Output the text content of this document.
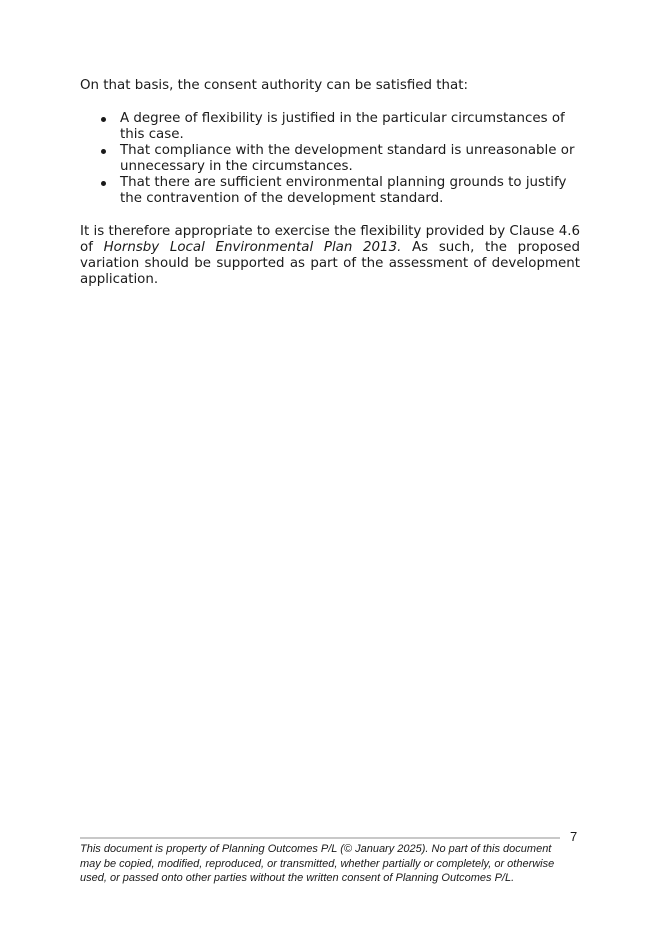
On that basis, the consent authority can be satisfied that:

A degree of flexibility is justified in the particular circumstances of this case.
That compliance with the development standard is unreasonable or unnecessary in the circumstances.
That there are sufficient environmental planning grounds to justify the contravention of the development standard.

It is therefore appropriate to exercise the flexibility provided by Clause 4.6 of Hornsby Local Environmental Plan 2013. As such, the proposed variation should be supported as part of the assessment of development application.

7

This document is property of Planning Outcomes P/L (© January 2025). No part of this document may be copied, modified, reproduced, or transmitted, whether partially or completely, or otherwise used, or passed onto other parties without the written consent of Planning Outcomes P/L.
